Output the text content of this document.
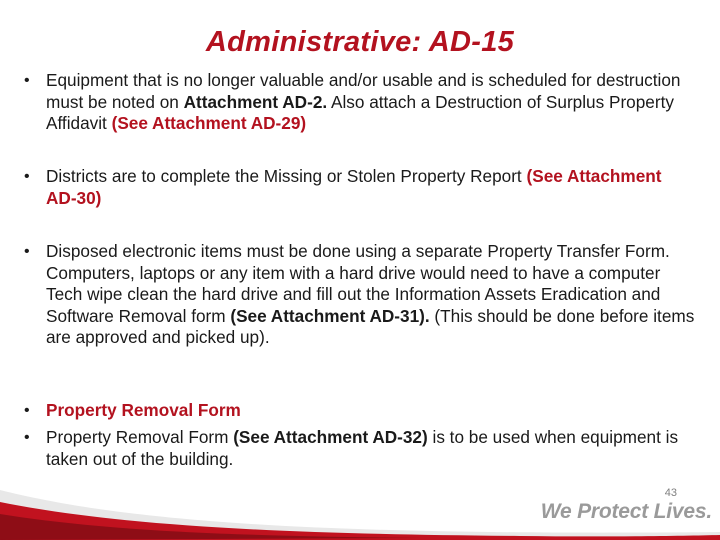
Administrative: AD-15
• Equipment that is no longer valuable and/or usable and is scheduled for destruction must be noted on Attachment AD-2. Also attach a Destruction of Surplus Property Affidavit (See Attachment AD-29)
• Districts are to complete the Missing or Stolen Property Report (See Attachment AD-30)
• Disposed electronic items must be done using a separate Property Transfer Form. Computers, laptops or any item with a hard drive would need to have a computer Tech wipe clean the hard drive and fill out the Information Assets Eradication and Software Removal form (See Attachment AD-31). (This should be done before items are approved and picked up).
• Property Removal Form
• Property Removal Form (See Attachment AD-32) is to be used when equipment is taken out of the building.
43
We Protect Lives.
